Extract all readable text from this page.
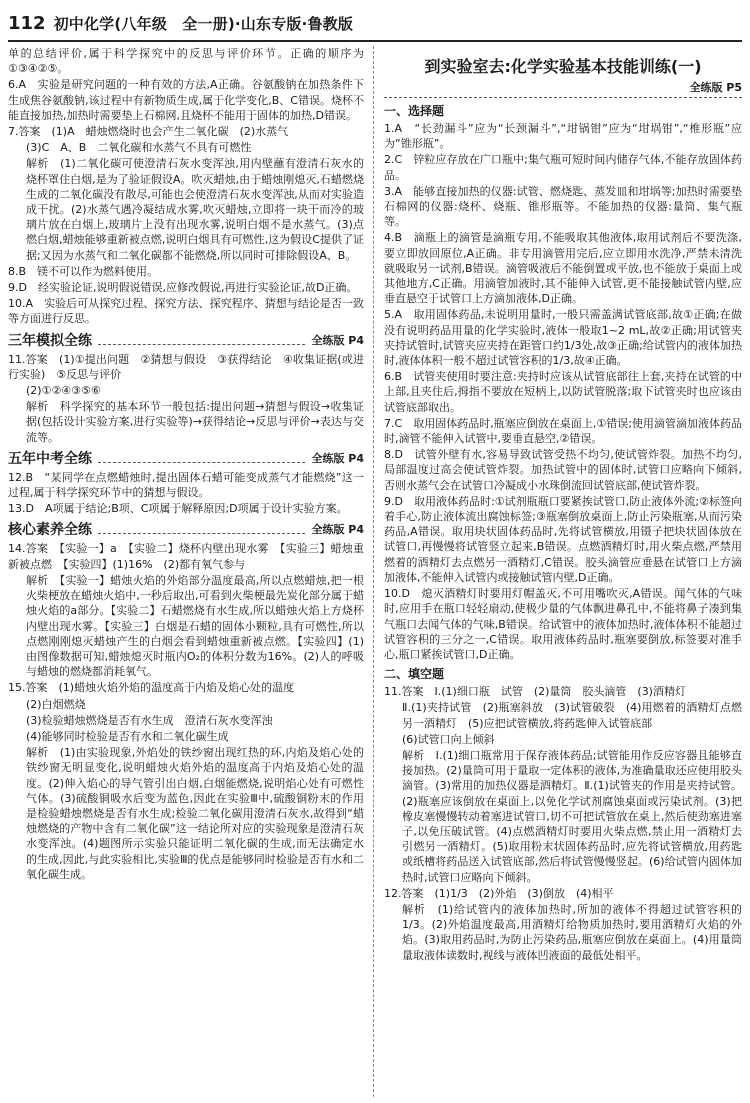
112 初中化学(八年级　全一册)·山东专版·鲁教版

单的总结评价,属于科学探究中的反思与评价环节。正确的顺序为①③④②⑤。

6.A　实验是研究问题的一种有效的方法,A正确。谷氨酸钠在加热条件下生成焦谷氨酸钠,该过程中有新物质生成,属于化学变化,B、C错误。烧杯不能直接加热,加热时需要垫上石棉网,且烧杯不能用于固体的加热,D错误。

7.答案　(1)A　蜡烛燃烧时也会产生二氧化碳　(2)水蒸气

(3)C　A、B　二氧化碳和水蒸气不具有可燃性

解析　(1)二氧化碳可使澄清石灰水变浑浊,用内壁蘸有澄清石灰水的烧杯罩住白烟,是为了验证假设A。吹灭蜡烛,由于蜡烛刚熄灭,石蜡燃烧生成的二氧化碳没有散尽,可能也会使澄清石灰水变浑浊,从而对实验造成干扰。(2)水蒸气遇冷凝结成水雾,吹灭蜡烛,立即将一块干而冷的玻璃片放在白烟上,玻璃片上没有出现水雾,说明白烟不是水蒸气。(3)点燃白烟,蜡烛能够重新被点燃,说明白烟具有可燃性,这为假设C提供了证据;又因为水蒸气和二氧化碳都不能燃烧,所以同时可排除假设A、B。

8.B　镁不可以作为燃料使用。

9.D　经实验论证,说明假说错误,应修改假说,再进行实验论证,故D正确。

10.A　实验后可从探究过程、探究方法、探究程序、猜想与结论是否一致等方面进行反思。

三年模拟全练	全练版 P4

11.答案　(1)①提出问题　②猜想与假设　③获得结论　④收集证据(或进行实验)　⑤反思与评价

(2)①②④③⑤⑥

解析　科学探究的基本环节一般包括:提出问题→猜想与假设→收集证据(包括设计实验方案,进行实验等)→获得结论→反思与评价→表达与交流等。

五年中考全练	全练版 P4

12.B　“某同学在点燃蜡烛时,提出固体石蜡可能变成蒸气才能燃烧”这一过程,属于科学探究环节中的猜想与假设。

13.D　A项属于结论;B项、C项属于解释原因;D项属于设计实验方案。

核心素养全练	全练版 P4

14.答案　【实验一】a　【实验二】烧杯内壁出现水雾　【实验三】蜡烛重新被点燃　【实验四】(1)16%　(2)都有氧气参与

解析　【实验一】蜡烛火焰的外焰部分温度最高,所以点燃蜡烛,把一根火柴梗放在蜡烛火焰中,一秒后取出,可看到火柴梗最先炭化部分属于蜡烛火焰的a部分。【实验二】石蜡燃烧有水生成,所以蜡烛火焰上方烧杯内壁出现水雾。【实验三】白烟是石蜡的固体小颗粒,具有可燃性,所以点燃刚刚熄灭蜡烛产生的白烟会看到蜡烛重新被点燃。【实验四】(1)由图像数据可知,蜡烛熄灭时瓶内O₂的体积分数为16%。(2)人的呼吸与蜡烛的燃烧都消耗氧气。

15.答案　(1)蜡烛火焰外焰的温度高于内焰及焰心处的温度

(2)白烟燃烧

(3)检验蜡烛燃烧是否有水生成　澄清石灰水变浑浊

(4)能够同时检验是否有水和二氧化碳生成

解析　(1)由实验现象,外焰处的铁纱窗出现红热的环,内焰及焰心处的铁纱窗无明显变化,说明蜡烛火焰外焰的温度高于内焰及焰心处的温度。(2)伸入焰心的导气管引出白烟,白烟能燃烧,说明焰心处有可燃性气体。(3)硫酸铜吸水后变为蓝色,因此在实验Ⅲ中,硫酸铜粉末的作用是检验蜡烛燃烧是否有水生成;检验二氧化碳用澄清石灰水,故得到“蜡烛燃烧的产物中含有二氧化碳”这一结论所对应的实验现象是澄清石灰水变浑浊。(4)题图所示实验只能证明二氧化碳的生成,而无法确定水的生成,因此,与此实验相比,实验Ⅲ的优点是能够同时检验是否有水和二氧化碳生成。

到实验室去:化学实验基本技能训练(一)
全练版 P5
一、选择题

1.A　“长劲漏斗”应为“长颈漏斗”,“坩锅钳”应为“坩埚钳”,“椎形瓶”应为“锥形瓶”。

2.C　锌粒应存放在广口瓶中;集气瓶可短时间内储存气体,不能存放固体药品。

3.A　能够直接加热的仪器:试管、燃烧匙、蒸发皿和坩埚等;加热时需要垫石棉网的仪器:烧杯、烧瓶、锥形瓶等。不能加热的仪器:量筒、集气瓶等。

4.B　滴瓶上的滴管是滴瓶专用,不能吸取其他液体,取用试剂后不要洗涤,要立即放回原位,A正确。非专用滴管用完后,应立即用水洗净,严禁未清洗就吸取另一试剂,B错误。滴管吸液后不能倒置或平放,也不能放于桌面上或其他地方,C正确。用滴管加液时,其不能伸入试管,更不能接触试管内壁,应垂直悬空于试管口上方滴加液体,D正确。

5.A　取用固体药品,未说明用量时,一般只需盖满试管底部,故①正确;在做没有说明药品用量的化学实验时,液体一般取1~2 mL,故②正确;用试管夹夹持试管时,试管夹应夹持在距管口约1/3处,故③正确;给试管内的液体加热时,液体体积一般不超过试管容积的1/3,故④正确。

6.B　试管夹使用时要注意:夹持时应该从试管底部往上套,夹持在试管的中上部,且夹住后,拇指不要放在短柄上,以防试管脱落;取下试管夹时也应该由试管底部取出。

7.C　取用固体药品时,瓶塞应倒放在桌面上,①错误;使用滴管滴加液体药品时,滴管不能伸入试管中,要垂直悬空,②错误。

8.D　试管外壁有水,容易导致试管受热不均匀,使试管炸裂。加热不均匀,局部温度过高会使试管炸裂。加热试管中的固体时,试管口应略向下倾斜,否则水蒸气会在试管口冷凝成小水珠倒流回试管底部,使试管炸裂。

9.D　取用液体药品时:①试剂瓶瓶口要紧挨试管口,防止液体外流;②标签向着手心,防止液体流出腐蚀标签;③瓶塞倒放桌面上,防止污染瓶塞,从而污染药品,A错误。取用块状固体药品时,先将试管横放,用镊子把块状固体放在试管口,再慢慢将试管竖立起来,B错误。点燃酒精灯时,用火柴点燃,严禁用燃着的酒精灯去点燃另一酒精灯,C错误。胶头滴管应垂悬在试管口上方滴加液体,不能伸入试管内或接触试管内壁,D正确。

10.D　熄灭酒精灯时要用灯帽盖灭,不可用嘴吹灭,A错误。闻气体的气味时,应用手在瓶口轻轻扇动,使极少量的气体飘进鼻孔中,不能将鼻子凑到集气瓶口去闻气体的气味,B错误。给试管中的液体加热时,液体体积不能超过试管容积的三分之一,C错误。取用液体药品时,瓶塞要倒放,标签要对准手心,瓶口紧挨试管口,D正确。

二、填空题

11.答案　Ⅰ.(1)细口瓶　试管　(2)量筒　胶头滴管　(3)酒精灯

Ⅱ.(1)夹持试管　(2)瓶塞斜放　(3)试管破裂　(4)用燃着的酒精灯点燃另一酒精灯　(5)应把试管横放,将药匙伸入试管底部

(6)试管口向上倾斜

解析　Ⅰ.(1)细口瓶常用于保存液体药品;试管能用作反应容器且能够直接加热。(2)量筒可用于量取一定体积的液体,为准确量取还应使用胶头滴管。(3)常用的加热仪器是酒精灯。Ⅱ.(1)试管夹的作用是夹持试管。(2)瓶塞应该倒放在桌面上,以免化学试剂腐蚀桌面或污染试剂。(3)把橡皮塞慢慢转动着塞进试管口,切不可把试管放在桌上,然后使劲塞进塞子,以免压破试管。(4)点燃酒精灯时要用火柴点燃,禁止用一酒精灯去引燃另一酒精灯。(5)取用粉末状固体药品时,应先将试管横放,用药匙或纸槽将药品送入试管底部,然后将试管慢慢竖起。(6)给试管内固体加热时,试管口应略向下倾斜。

12.答案　(1)1/3　(2)外焰　(3)倒放　(4)相平

解析　(1)给试管内的液体加热时,所加的液体不得超过试管容积的1/3。(2)外焰温度最高,用酒精灯给物质加热时,要用酒精灯火焰的外焰。(3)取用药品时,为防止污染药品,瓶塞应倒放在桌面上。(4)用量筒量取液体读数时,视线与液体凹液面的最低处相平。
